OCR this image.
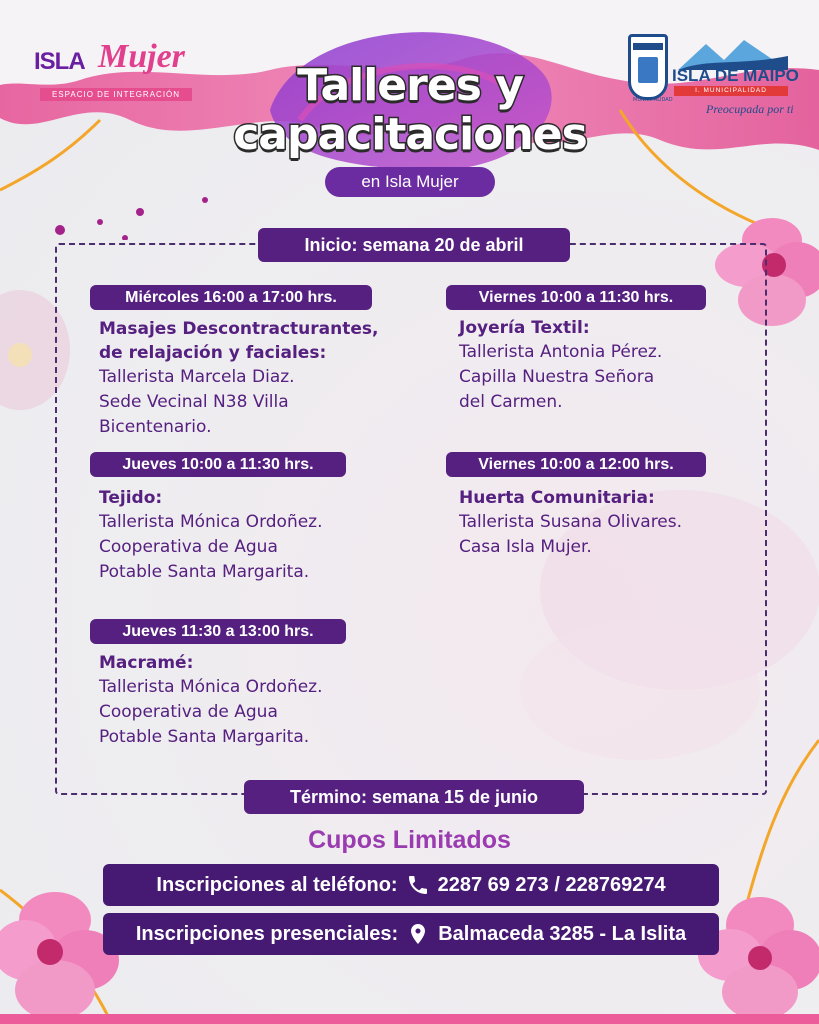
ISLA Mujer
ESPACIO DE INTEGRACIÓN	I. MUNICIPALIDAD
ISLA DE MAIPO
I. MUNICIPALIDAD
Preocupada por ti
Talleres y
capacitaciones
en Isla Mujer
Inicio: semana 20 de abril
Miércoles 16:00 a 17:00 hrs.
Masajes Descontracturantes,
de relajación y faciales:
Tallerista Marcela Diaz.
Sede Vecinal N38 Villa
Bicentenario.
Jueves 10:00 a 11:30 hrs.
Tejido:
Tallerista Mónica Ordoñez.
Cooperativa de Agua
Potable Santa Margarita.
Jueves 11:30 a 13:00 hrs.
Macramé:
Tallerista Mónica Ordoñez.
Cooperativa de Agua
Potable Santa Margarita.
Viernes 10:00 a 11:30 hrs.
Joyería Textil:
Tallerista Antonia Pérez.
Capilla Nuestra Señora
del Carmen.
Viernes 10:00 a 12:00 hrs.
Huerta Comunitaria:
Tallerista Susana Olivares.
Casa Isla Mujer.
Término: semana 15 de junio
Cupos Limitados
Inscripciones al teléfono: 2287 69 273 / 228769274
Inscripciones presenciales: Balmaceda 3285 - La Islita
